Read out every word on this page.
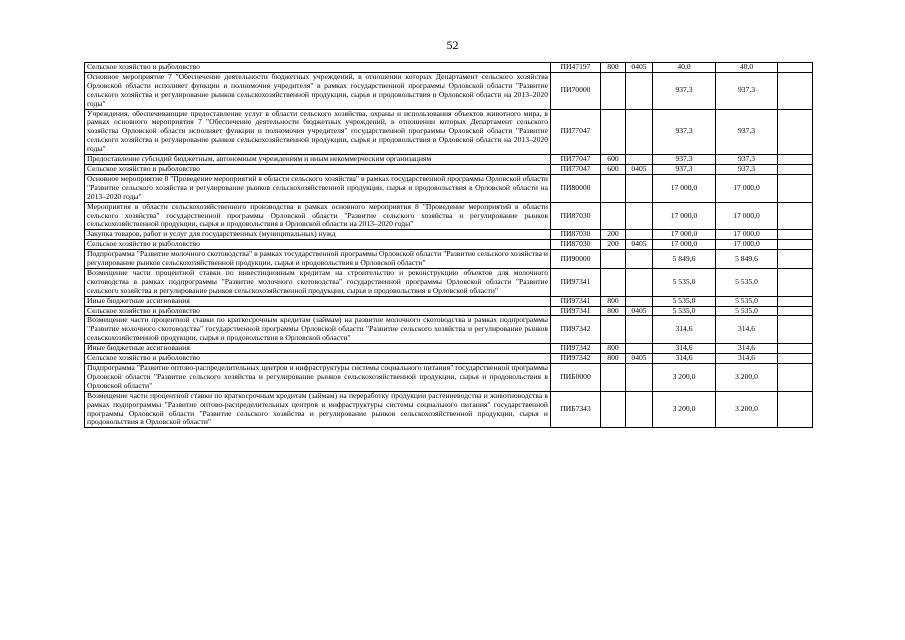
52
Сельское хозяйство и рыболовство	ПИ47197	800	0405	40,0	40,0	
Основное мероприятие 7 "Обеспечение деятельности бюджетных учреждений, в отношении которых Департамент сельского хозяйства Орловской области исполняет функции и полномочия учредителя" в рамках государственной программы Орловской области "Развитие сельского хозяйства и регулирование рынков сельскохозяйственной продукции, сырья и продовольствия в Орловской области на 2013–2020 годы"	ПИ70000			937,3	937,3	
Учреждения, обеспечивающие предоставление услуг в области сельского хозяйства, охраны и использования объектов животного мира, в рамках основного мероприятия 7 "Обеспечение деятельности бюджетных учреждений, в отношении которых Департамент сельского хозяйства Орловской области исполняет функции и полномочия учредителя" государственной программы Орловской области "Развитие сельского хозяйства и регулирование рынков сельскохозяйственной продукции, сырья и продовольствия в Орловской области на 2013–2020 годы"	ПИ77047			937,3	937,3	
Предоставление субсидий бюджетным, автономным учреждениям и иным некоммерческим организациям	ПИ77047	600		937,3	937,3	
Сельское хозяйство и рыболовство	ПИ77047	600	0405	937,3	937,3	
Основное мероприятие 8 "Проведение мероприятий в области сельского хозяйства" в рамках государственной программы Орловской области "Развитие сельского хозяйства и регулирование рынков сельскохозяйственной продукции, сырья и продовольствия в Орловской области на 2013–2020 годы"	ПИ80000			17 000,0	17 000,0	
Мероприятия в области сельскохозяйственного производства в рамках основного мероприятия 8 "Проведение мероприятий в области сельского хозяйства" государственной программы Орловской области "Развитие сельского хозяйства и регулирование рынков сельскохозяйственной продукции, сырья и продовольствия в Орловской области на 2013–2020 годы"	ПИ87030			17 000,0	17 000,0	
Закупка товаров, работ и услуг для государственных (муниципальных) нужд	ПИ87030	200		17 000,0	17 000,0	
Сельское хозяйство и рыболовство	ПИ87030	200	0405	17 000,0	17 000,0	
Подпрограмма "Развитие молочного скотоводства" в рамках государственной программы Орловской области "Развитие сельского хозяйства и регулирование рынков сельскохозяйственной продукции, сырья и продовольствия в Орловской области"	ПИ90000			5 849,6	5 849,6	
Возмещение части процентной ставки по инвестиционным кредитам на строительство и реконструкцию объектов для молочного скотоводства в рамках подпрограммы "Развитие молочного скотоводства" государственной программы Орловской области "Развитие сельского хозяйства и регулирование рынков сельскохозяйственной продукции, сырья и продовольствия в Орловской области"	ПИ97341			5 535,0	5 535,0	
Иные бюджетные ассигнования	ПИ97341	800		5 535,0	5 535,0	
Сельское хозяйство и рыболовство	ПИ97341	800	0405	5 535,0	5 535,0	
Возмещение части процентной ставки по краткосрочным кредитам (займам) на развитие молочного скотоводства в рамках подпрограммы "Развитие молочного скотоводства" государственной программы Орловской области "Развитие сельского хозяйства и регулирование рынков сельскохозяйственной продукции, сырья и продовольствия в Орловской области"	ПИ97342			314,6	314,6	
Иные бюджетные ассигнования	ПИ97342	800		314,6	314,6	
Сельское хозяйство и рыболовство	ПИ97342	800	0405	314,6	314,6	
Подпрограмма "Развитие оптово-распределительных центров и инфраструктуры системы социального питания" государственной программы Орловской области "Развитие сельского хозяйства и регулирование рынков сельскохозяйственной продукции, сырья и продовольствия в Орловской области"	ПИБ0000			3 200,0	3 200,0	
Возмещение части процентной ставки по краткосрочным кредитам (займам) на переработку продукции растениеводства и животноводства в рамках подпрограммы "Развитие оптово-распределительных центров и инфраструктуры системы социального питания" государственной программы Орловской области "Развитие сельского хозяйства и регулирование рынков сельскохозяйственной продукции, сырья и продовольствия в Орловской области"	ПИБ7343			3 200,0	3 200,0	
